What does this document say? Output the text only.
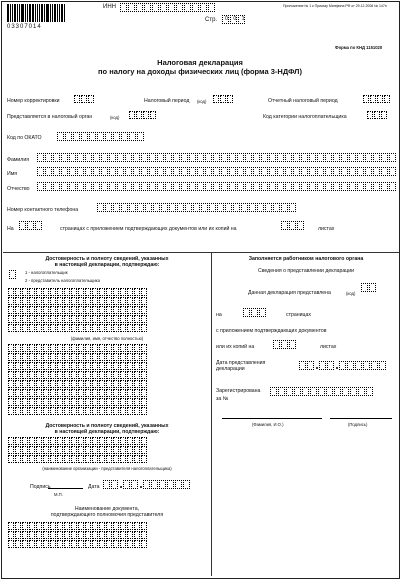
03307014
ИНН
Стр. 0 0 1
Приложение № 1 к Приказу Минфина РФ от 29.12.2006 № 147н
Форма по КНД 1151020
Налоговая декларация
по налогу на доходы физических лиц (форма 3-НДФЛ)
Номер корректировки	Налоговый период (код)	Отчетный налоговый период
Представляется в налоговый орган	(код)	Код категории налогоплательщика
Код по ОКАТО
Фамилия
Имя
Отчество
Номер контактного телефона
На	страницах с приложением подтверждающих документов или их копий на	листах
Достоверность и полноту сведений, указанных
в настоящей декларации, подтверждаю:
1 - налогоплательщик
2 - представитель налогоплательщика
(фамилия, имя, отчество полностью)
Достоверность и полноту сведений, указанных
в настоящей декларации, подтверждаю:
(наименование организации - представителя налогоплательщика)
Подпись
М.П.
Дата
Наименование документа,
подтверждающего полномочия представителя
Заполняется работником налогового органа
Сведения о представлении декларации
Данная декларация представлена	(код)
на	страницах
с приложением подтверждающих документов
или их копий на	листах
Дата представления
декларации
Зарегистрирована
за №
(Фамилия, И.О.)	(Подпись)
